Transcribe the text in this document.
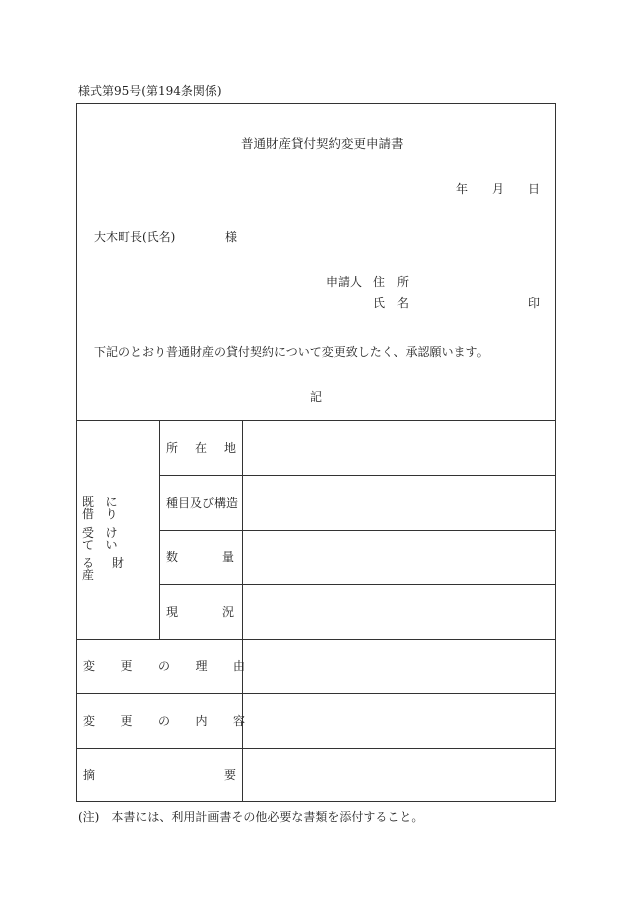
様式第95号(第194条関係)
普通財産貸付契約変更申請書
年 月 日
大木町長(氏名)	様
申請人 住　所
氏　名	印
下記のとおり普通財産の貸付契約について変更致したく、承認願います。
記
既に借り
受けてい
る財産
所在地
種目及び構造
数量
現況
変更の理由
変更の内容
摘要
(注)　本書には、利用計画書その他必要な書類を添付すること。
